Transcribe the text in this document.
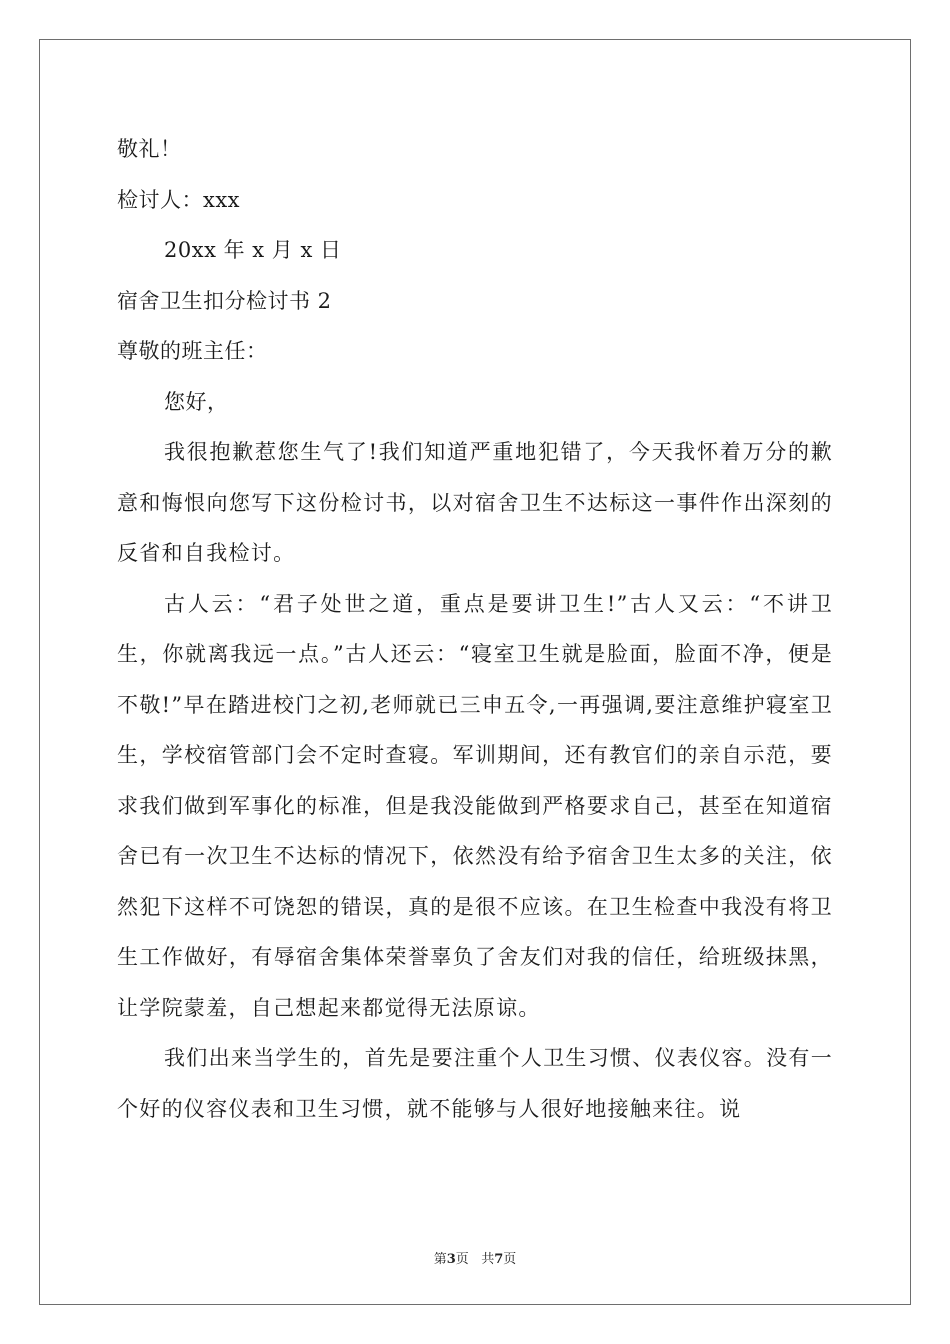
敬礼！
检讨人：xxx
20xx 年 x 月 x 日
宿舍卫生扣分检讨书 2
尊敬的班主任：
您好，

我很抱歉惹您生气了!我们知道严重地犯错了，今天我怀着万分的歉意和悔恨向您写下这份检讨书，以对宿舍卫生不达标这一事件作出深刻的反省和自我检讨。

古人云：“君子处世之道，重点是要讲卫生!”古人又云：“不讲卫生，你就离我远一点。”古人还云：“寝室卫生就是脸面，脸面不净，便是不敬!”早在踏进校门之初,老师就已三申五令,一再强调,要注意维护寝室卫生，学校宿管部门会不定时查寝。军训期间，还有教官们的亲自示范，要求我们做到军事化的标准，但是我没能做到严格要求自己，甚至在知道宿舍已有一次卫生不达标的情况下，依然没有给予宿舍卫生太多的关注，依然犯下这样不可饶恕的错误，真的是很不应该。在卫生检查中我没有将卫生工作做好，有辱宿舍集体荣誉辜负了舍友们对我的信任，给班级抹黑，让学院蒙羞，自己想起来都觉得无法原谅。

我们出来当学生的，首先是要注重个人卫生习惯、仪表仪容。没有一个好的仪容仪表和卫生习惯，就不能够与人很好地接触来往。说

第3页 共7页
